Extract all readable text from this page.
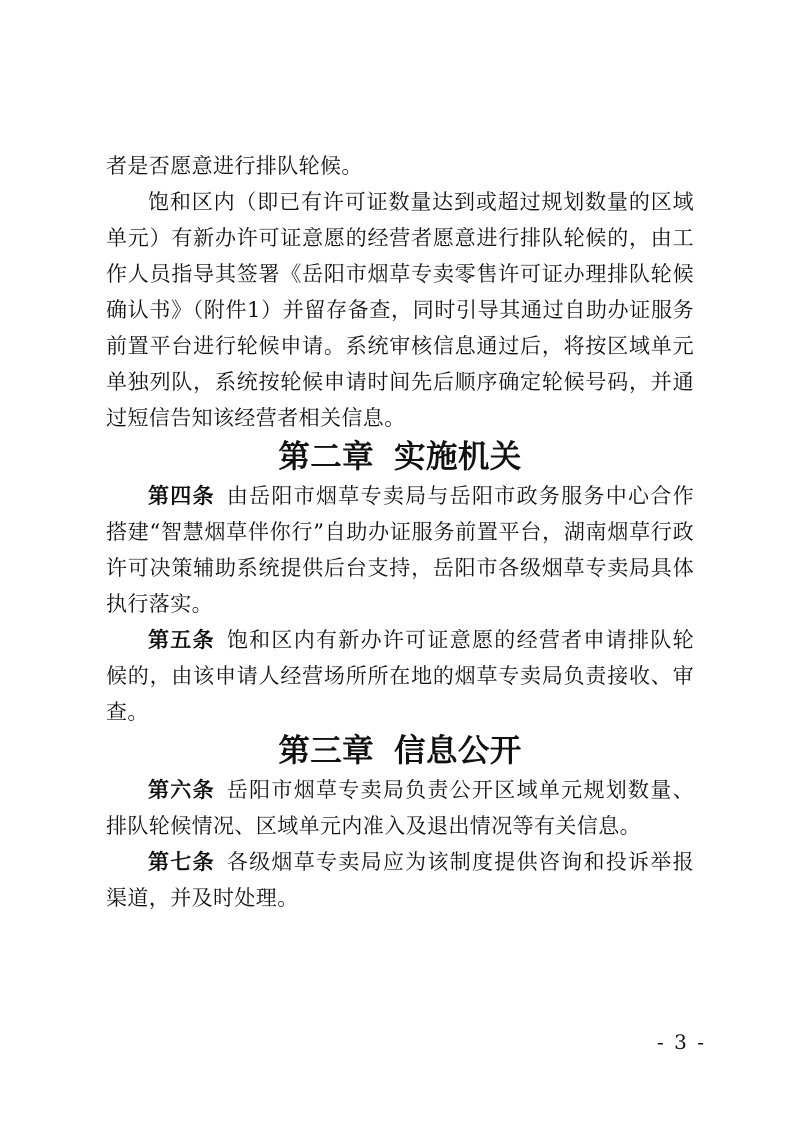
者是否愿意进行排队轮候。

饱和区内（即已有许可证数量达到或超过规划数量的区域单元）有新办许可证意愿的经营者愿意进行排队轮候的，由工作人员指导其签署《岳阳市烟草专卖零售许可证办理排队轮候确认书》（附件1）并留存备查，同时引导其通过自助办证服务前置平台进行轮候申请。系统审核信息通过后，将按区域单元单独列队，系统按轮候申请时间先后顺序确定轮候号码，并通过短信告知该经营者相关信息。

第二章 实施机关

第四条 由岳阳市烟草专卖局与岳阳市政务服务中心合作搭建“智慧烟草伴你行”自助办证服务前置平台，湖南烟草行政许可决策辅助系统提供后台支持，岳阳市各级烟草专卖局具体执行落实。

第五条 饱和区内有新办许可证意愿的经营者申请排队轮候的，由该申请人经营场所所在地的烟草专卖局负责接收、审查。

第三章 信息公开

第六条 岳阳市烟草专卖局负责公开区域单元规划数量、排队轮候情况、区域单元内准入及退出情况等有关信息。

第七条 各级烟草专卖局应为该制度提供咨询和投诉举报渠道，并及时处理。

- 3 -
